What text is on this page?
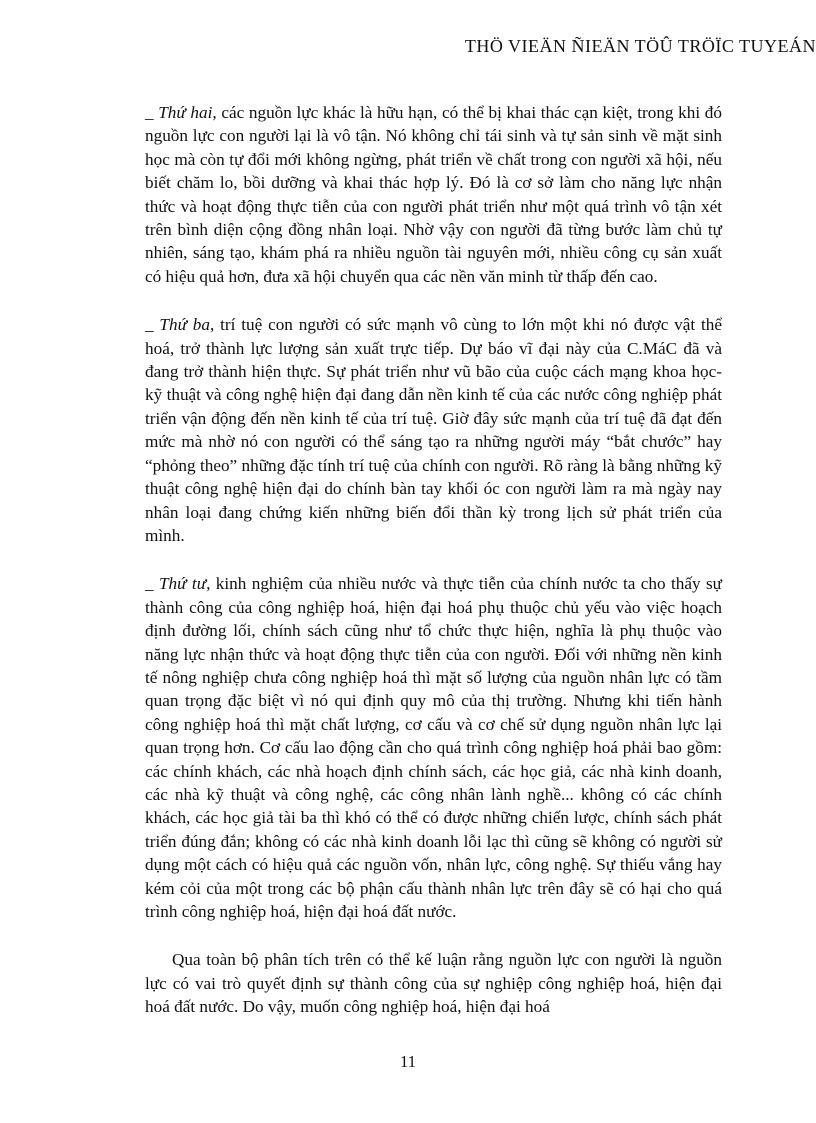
THÖ VIEÄN ÑIEÄN TÖÛ TRÖÏC TUYEÁN

_ Thứ hai, các nguồn lực khác là hữu hạn, có thể bị khai thác cạn kiệt, trong khi đó nguồn lực con người lại là vô tận. Nó không chỉ tái sinh và tự sản sinh về mặt sinh học mà còn tự đổi mới không ngừng, phát triển về chất trong con người xã hội, nếu biết chăm lo, bồi dưỡng và khai thác hợp lý. Đó là cơ sở làm cho năng lực nhận thức và hoạt động thực tiễn của con người phát triển như một quá trình vô tận xét trên bình diện cộng đồng nhân loại. Nhờ vậy con người đã từng bước làm chủ tự nhiên, sáng tạo, khám phá ra nhiều nguồn tài nguyên mới, nhiều công cụ sản xuất có hiệu quả hơn, đưa xã hội chuyển qua các nền văn minh từ thấp đến cao.

_ Thứ ba, trí tuệ con người có sức mạnh vô cùng to lớn một khi nó được vật thể hoá, trở thành lực lượng sản xuất trực tiếp. Dự báo vĩ đại này của C.MáC đã và đang trở thành hiện thực. Sự phát triển như vũ bão của cuộc cách mạng khoa học-kỹ thuật và công nghệ hiện đại đang dẫn nền kinh tế của các nước công nghiệp phát triển vận động đến nền kinh tế của trí tuệ. Giờ đây sức mạnh của trí tuệ đã đạt đến mức mà nhờ nó con người có thể sáng tạo ra những người máy “bắt chước” hay “phỏng theo” những đặc tính trí tuệ của chính con người. Rõ ràng là bằng những kỹ thuật công nghệ hiện đại do chính bàn tay khối óc con người làm ra mà ngày nay nhân loại đang chứng kiến những biến đổi thần kỳ trong lịch sử phát triển của mình.

_ Thứ tư, kinh nghiệm của nhiều nước và thực tiễn của chính nước ta cho thấy sự thành công của công nghiệp hoá, hiện đại hoá phụ thuộc chủ yếu vào việc hoạch định đường lối, chính sách cũng như tổ chức thực hiện, nghĩa là phụ thuộc vào năng lực nhận thức và hoạt động thực tiễn của con người. Đối với những nền kinh tế nông nghiệp chưa công nghiệp hoá thì mặt số lượng của nguồn nhân lực có tầm quan trọng đặc biệt vì nó qui định quy mô của thị trường. Nhưng khi tiến hành công nghiệp hoá thì mặt chất lượng, cơ cấu và cơ chế sử dụng nguồn nhân lực lại quan trọng hơn. Cơ cấu lao động cần cho quá trình công nghiệp hoá phải bao gồm: các chính khách, các nhà hoạch định chính sách, các học giả, các nhà kinh doanh, các nhà kỹ thuật và công nghệ, các công nhân lành nghề... không có các chính khách, các học giả tài ba thì khó có thể có được những chiến lược, chính sách phát triển đúng đắn; không có các nhà kinh doanh lỗi lạc thì cũng sẽ không có người sử dụng một cách có hiệu quả các nguồn vốn, nhân lực, công nghệ. Sự thiếu vắng hay kém cỏi của một trong các bộ phận cấu thành nhân lực trên đây sẽ có hại cho quá trình công nghiệp hoá, hiện đại hoá đất nước.

Qua toàn bộ phân tích trên có thể kế luận rằng nguồn lực con người là nguồn lực có vai trò quyết định sự thành công của sự nghiệp công nghiệp hoá, hiện đại hoá đất nước. Do vậy, muốn công nghiệp hoá, hiện đại hoá

11
